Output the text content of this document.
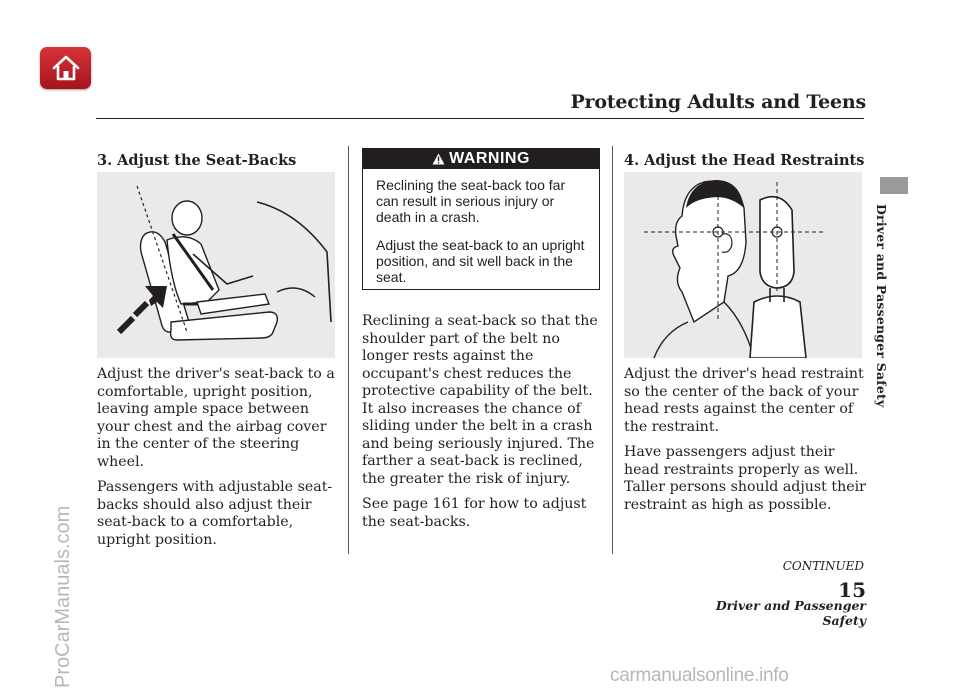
Protecting Adults and Teens
Driver and Passenger Safety
3. Adjust the Seat-Backs

Adjust the driver's seat-back to a comfortable, upright position, leaving ample space between your chest and the airbag cover in the center of the steering wheel.

Passengers with adjustable seat-backs should also adjust their seat-back to a comfortable, upright position.

WARNING

Reclining the seat-back too far can result in serious injury or death in a crash.

Adjust the seat-back to an upright position, and sit well back in the seat.

Reclining a seat-back so that the shoulder part of the belt no longer rests against the occupant's chest reduces the protective capability of the belt. It also increases the chance of sliding under the belt in a crash and being seriously injured. The farther a seat-back is reclined, the greater the risk of injury.

See page 161 for how to adjust the seat-backs.

4. Adjust the Head Restraints

Adjust the driver's head restraint so the center of the back of your head rests against the center of the restraint.

Have passengers adjust their head restraints properly as well. Taller persons should adjust their restraint as high as possible.

CONTINUED
15
Driver and Passenger Safety
ProCarManuals.com	carmanualsonline.info
